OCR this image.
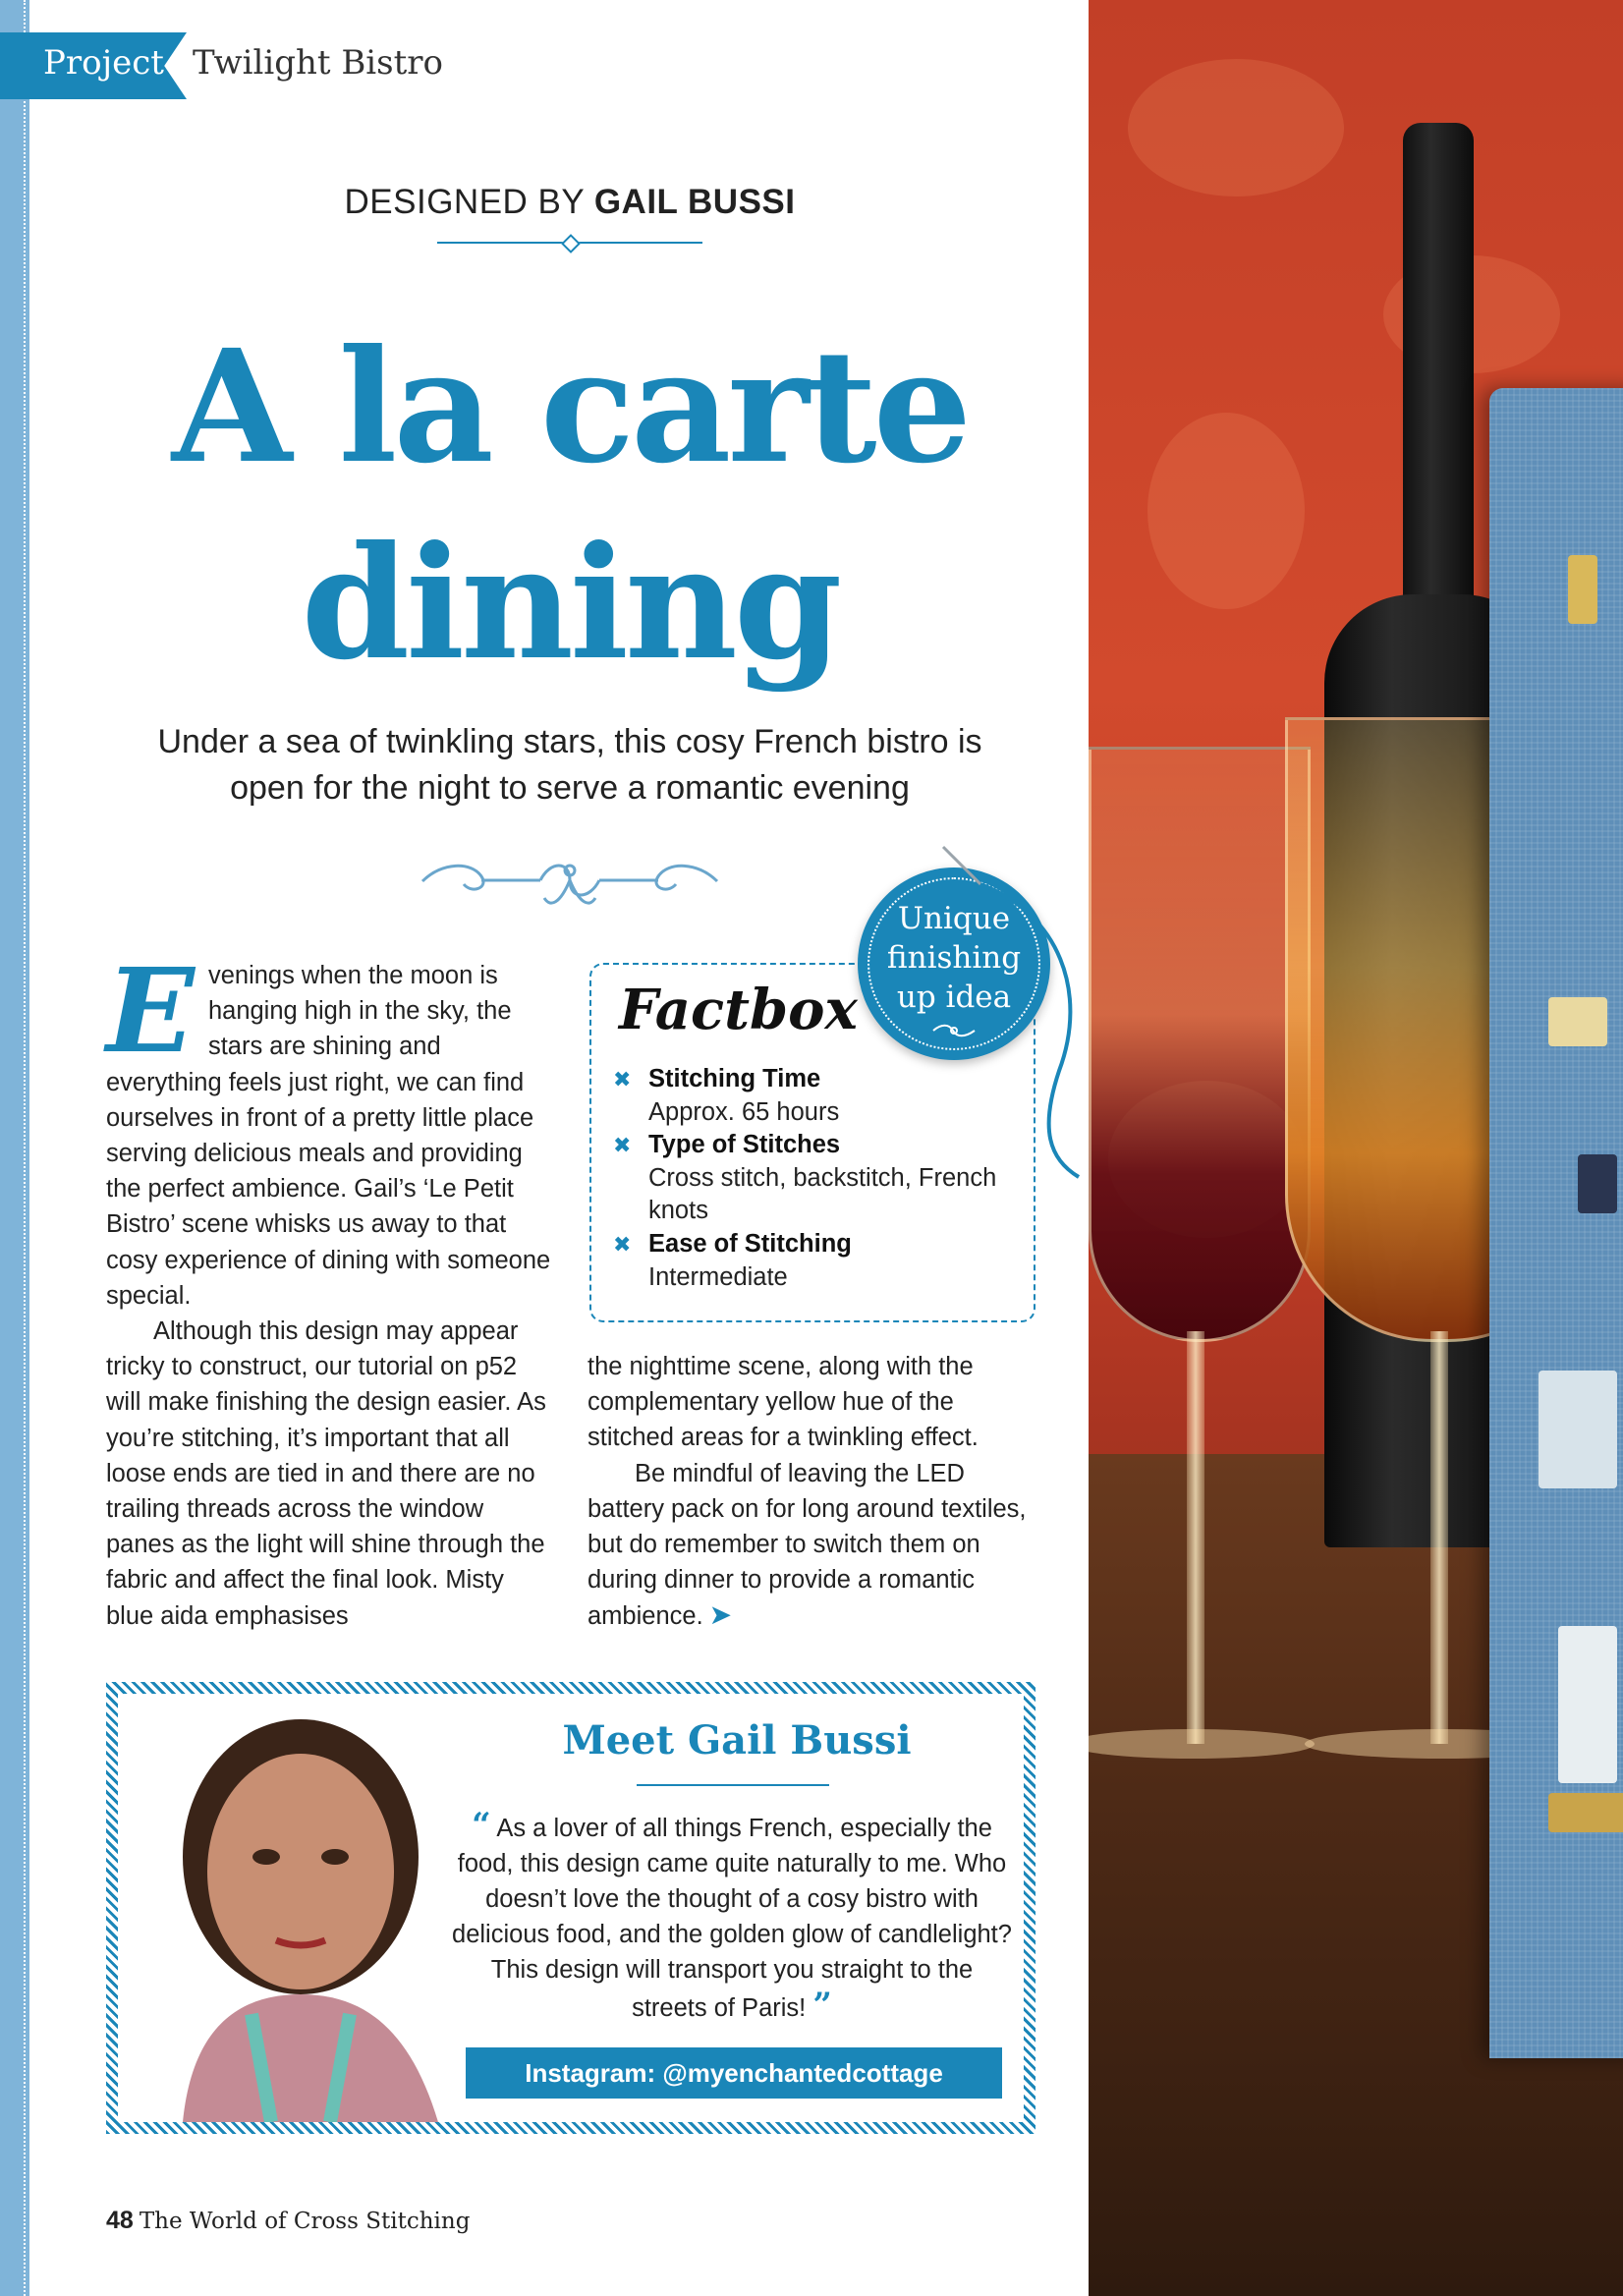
Project Twilight Bistro
DESIGNED BY GAIL BUSSI
A la carte
dining
Under a sea of twinkling stars, this cosy French bistro is
open for the night to serve a romantic evening

Evenings when the moon is hanging high in the sky, the stars are shining and everything feels just right, we can find ourselves in front of a pretty little place serving delicious meals and providing the perfect ambience. Gail’s ‘Le Petit Bistro’ scene whisks us away to that cosy experience of dining with someone special.

Although this design may appear tricky to construct, our tutorial on p52 will make finishing the design easier. As you’re stitching, it’s important that all loose ends are tied in and there are no trailing threads across the window panes as the light will shine through the fabric and affect the final look. Misty blue aida emphasises

the nighttime scene, along with the complementary yellow hue of the stitched areas for a twinkling effect.

Be mindful of leaving the LED battery pack on for long around textiles, but do remember to switch them on during dinner to provide a romantic ambience. ➤

Factbox
✖ Stitching Time
Approx. 65 hours
✖ Type of Stitches
Cross stitch, backstitch, French knots
✖ Ease of Stitching
Intermediate
Unique
finishing
up idea
Meet Gail Bussi
“ As a lover of all things French, especially the food, this design came quite naturally to me. Who doesn’t love the thought of a cosy bistro with delicious food, and the golden glow of candlelight? This design will transport you straight to the streets of Paris! ”
Instagram: @myenchantedcottage
48 The World of Cross Stitching
